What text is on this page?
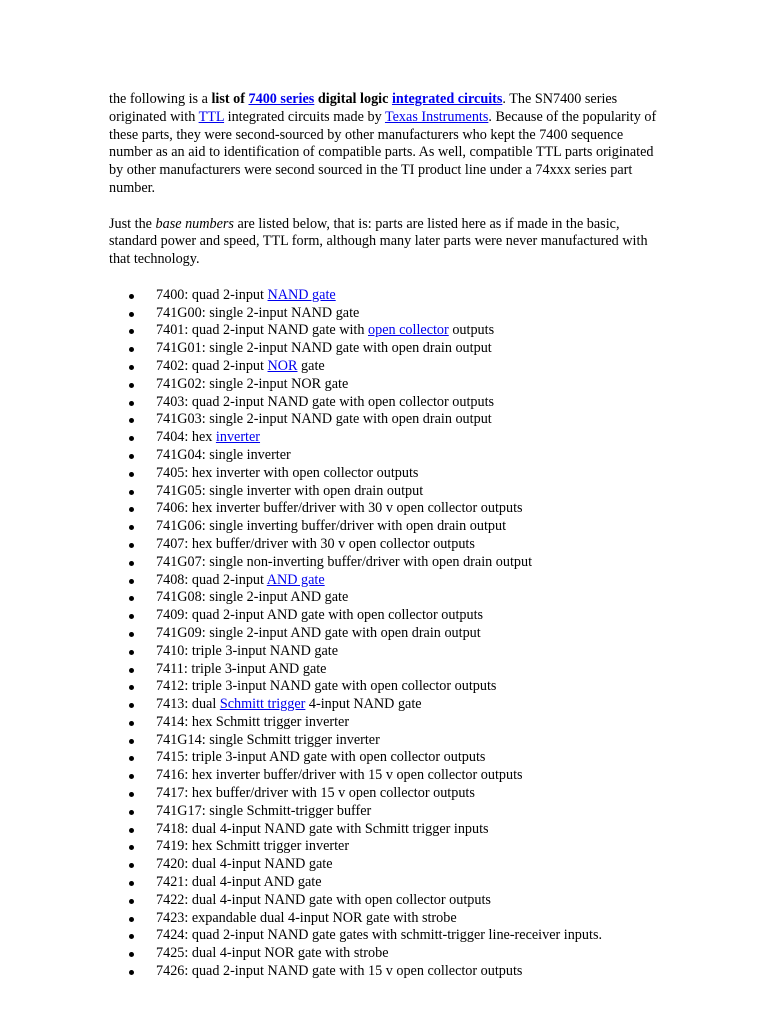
the following is a list of 7400 series digital logic integrated circuits. The SN7400 series originated with TTL integrated circuits made by Texas Instruments. Because of the popularity of these parts, they were second-sourced by other manufacturers who kept the 7400 sequence number as an aid to identification of compatible parts. As well, compatible TTL parts originated by other manufacturers were second sourced in the TI product line under a 74xxx series part number.

Just the base numbers are listed below, that is: parts are listed here as if made in the basic, standard power and speed, TTL form, although many later parts were never manufactured with that technology.

7400: quad 2-input NAND gate
741G00: single 2-input NAND gate
7401: quad 2-input NAND gate with open collector outputs
741G01: single 2-input NAND gate with open drain output
7402: quad 2-input NOR gate
741G02: single 2-input NOR gate
7403: quad 2-input NAND gate with open collector outputs
741G03: single 2-input NAND gate with open drain output
7404: hex inverter
741G04: single inverter
7405: hex inverter with open collector outputs
741G05: single inverter with open drain output
7406: hex inverter buffer/driver with 30 v open collector outputs
741G06: single inverting buffer/driver with open drain output
7407: hex buffer/driver with 30 v open collector outputs
741G07: single non-inverting buffer/driver with open drain output
7408: quad 2-input AND gate
741G08: single 2-input AND gate
7409: quad 2-input AND gate with open collector outputs
741G09: single 2-input AND gate with open drain output
7410: triple 3-input NAND gate
7411: triple 3-input AND gate
7412: triple 3-input NAND gate with open collector outputs
7413: dual Schmitt trigger 4-input NAND gate
7414: hex Schmitt trigger inverter
741G14: single Schmitt trigger inverter
7415: triple 3-input AND gate with open collector outputs
7416: hex inverter buffer/driver with 15 v open collector outputs
7417: hex buffer/driver with 15 v open collector outputs
741G17: single Schmitt-trigger buffer
7418: dual 4-input NAND gate with Schmitt trigger inputs
7419: hex Schmitt trigger inverter
7420: dual 4-input NAND gate
7421: dual 4-input AND gate
7422: dual 4-input NAND gate with open collector outputs
7423: expandable dual 4-input NOR gate with strobe
7424: quad 2-input NAND gate gates with schmitt-trigger line-receiver inputs.
7425: dual 4-input NOR gate with strobe
7426: quad 2-input NAND gate with 15 v open collector outputs
